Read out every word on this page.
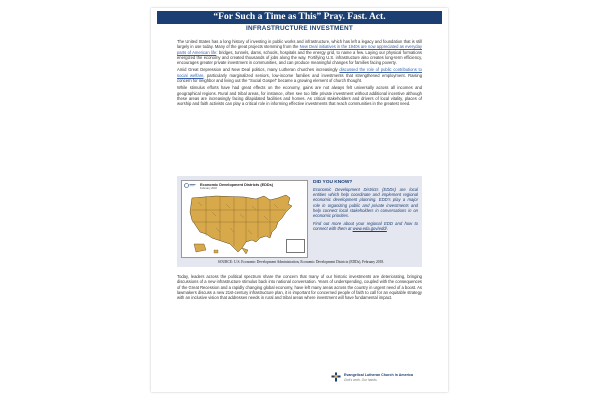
“For Such a Time as This” Pray. Fast. Act.
INFRASTRUCTURE INVESTMENT

The United States has a long history of investing in public works and infrastructure, which has left a legacy and foundation that is still largely in use today. Many of the great projects stemming from the New Deal initiatives in the 1940s are now appreciated as everyday parts of American life: bridges, tunnels, dams, schools, hospitals and the energy grid, to name a few. Laying our physical formations energized the economy and created thousands of jobs along the way. Fortifying U.S. infrastructure also creates long-term efficiency, encourages greater private investment in communities, and can produce meaningful changes for families facing poverty.

Amid Great Depression and New Deal politics, many Lutheran churches increasingly discussed the role of public contributions to social welfare, particularly marginalized seniors, low-income families and investments that strengthened employment. Raising concern for neighbor and living out the “Social Gospel” became a growing element of church thought.

While stimulus efforts have had great effects on the economy, gains are not always felt universally across all incomes and geographical regions. Rural and tribal areas, for instance, often see too little private investment without additional incentive although these areas are increasingly facing dilapidated facilities and homes. As critical stakeholders and drivers of local vitality, places of worship and faith activists can play a critical role in informing effective investments that reach communities in the greatest need.

Economic Development Districts (EDDs)
February 2018
DID YOU KNOW?

Economic Development Districts (EDDs) are local entities which help coordinate and implement regional economic development planning. EDD’s play a major role in organizing public and private investments and help connect local stakeholders in conversations in on economic priorities.

Find out more about your regional EDD and how to connect with them at www.eda.gov/edd/.

SOURCE: U.S. Economic Development Administration, Economic Development Districts (EDDs), February 2018.

Today, leaders across the political spectrum share the concern that many of our historic investments are deteriorating, bringing discussions of a new infrastructure stimulus back into national conversation. Years of underspending, coupled with the consequences of the Great Recession and a rapidly changing global economy, have left many areas across the country in urgent need of a boost. As lawmakers discuss a new 21st-century infrastructure plan, it is important for concerned people of faith to call for an equitable strategy with an inclusive vision that addresses needs in rural and tribal areas where investment will have fundamental impact.

Evangelical Lutheran Church in America
God’s work. Our hands.
